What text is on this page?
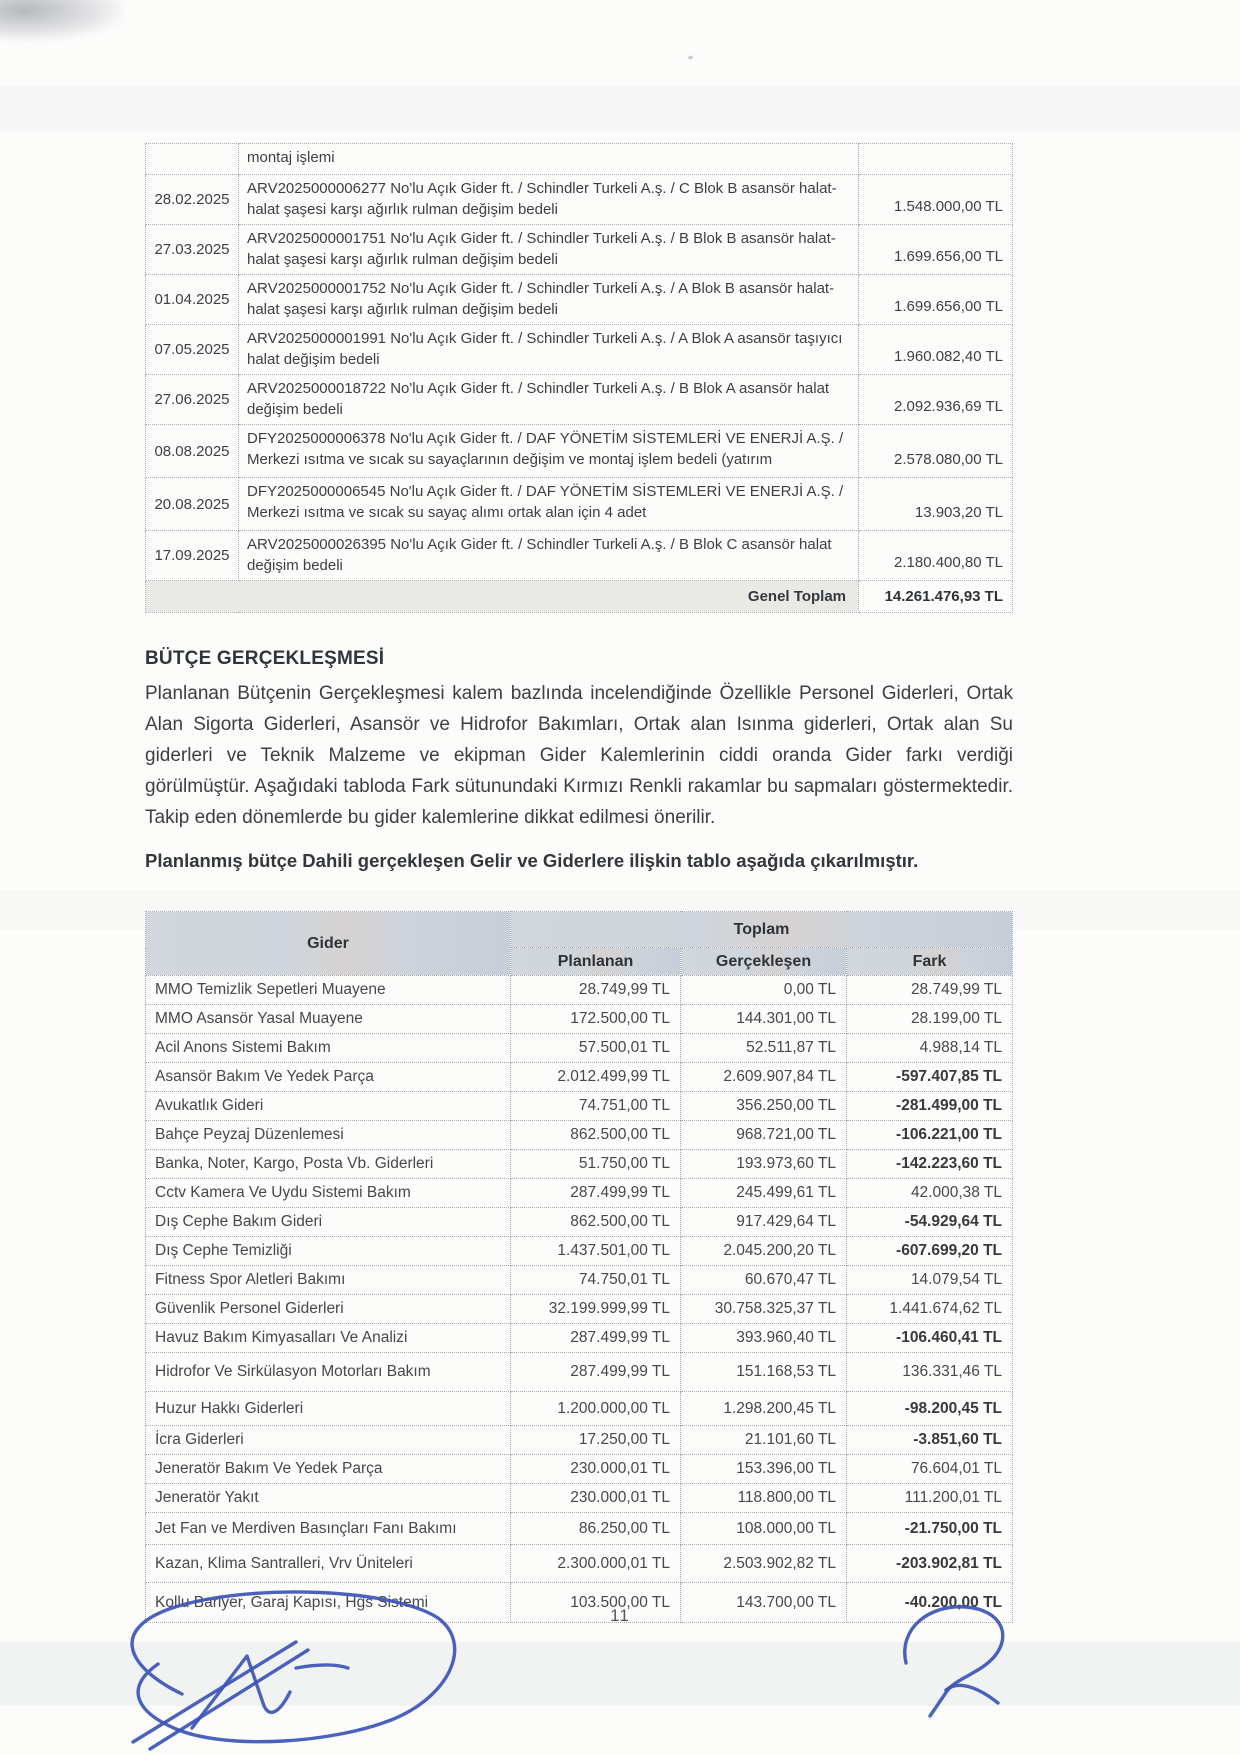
	montaj işlemi	
28.02.2025	ARV2025000006277 No'lu Açık Gider ft. / Schindler Turkeli A.ş. / C Blok B asansör halat- halat şaşesi karşı ağırlık rulman değişim bedeli	1.548.000,00 TL
27.03.2025	ARV2025000001751 No'lu Açık Gider ft. / Schindler Turkeli A.ş. / B Blok B asansör halat- halat şaşesi karşı ağırlık rulman değişim bedeli	1.699.656,00 TL
01.04.2025	ARV2025000001752 No'lu Açık Gider ft. / Schindler Turkeli A.ş. / A Blok B asansör halat- halat şaşesi karşı ağırlık rulman değişim bedeli	1.699.656,00 TL
07.05.2025	ARV2025000001991 No'lu Açık Gider ft. / Schindler Turkeli A.ş. / A Blok A asansör taşıyıcı halat değişim bedeli	1.960.082,40 TL
27.06.2025	ARV2025000018722 No'lu Açık Gider ft. / Schindler Turkeli A.ş. / B Blok A asansör halat değişim bedeli	2.092.936,69 TL
08.08.2025	DFY2025000006378 No'lu Açık Gider ft. / DAF YÖNETİM SİSTEMLERİ VE ENERJİ A.Ş. / Merkezi ısıtma ve sıcak su sayaçlarının değişim ve montaj işlem bedeli (yatırım	2.578.080,00 TL
20.08.2025	DFY2025000006545 No'lu Açık Gider ft. / DAF YÖNETİM SİSTEMLERİ VE ENERJİ A.Ş. / Merkezi ısıtma ve sıcak su sayaç alımı ortak alan için 4 adet	13.903,20 TL
17.09.2025	ARV2025000026395 No'lu Açık Gider ft. / Schindler Turkeli A.ş. / B Blok C asansör halat değişim bedeli	2.180.400,80 TL
Genel Toplam		14.261.476,93 TL
BÜTÇE GERÇEKLEŞMESİ
Planlanan Bütçenin Gerçekleşmesi kalem bazlında incelendiğinde Özellikle Personel Giderleri, Ortak Alan Sigorta Giderleri, Asansör ve Hidrofor Bakımları, Ortak alan Isınma giderleri, Ortak alan Su giderleri ve Teknik Malzeme ve ekipman Gider Kalemlerinin ciddi oranda Gider farkı verdiği görülmüştür. Aşağıdaki tabloda Fark sütunundaki Kırmızı Renkli rakamlar bu sapmaları göstermektedir. Takip eden dönemlerde bu gider kalemlerine dikkat edilmesi önerilir.
Planlanmış bütçe Dahili gerçekleşen Gelir ve Giderlere ilişkin tablo aşağıda çıkarılmıştır.
Gider	Toplam		
	Planlanan	Gerçekleşen	Fark
MMO Temizlik Sepetleri Muayene	28.749,99 TL	0,00 TL	28.749,99 TL
MMO Asansör Yasal Muayene	172.500,00 TL	144.301,00 TL	28.199,00 TL
Acil Anons Sistemi Bakım	57.500,01 TL	52.511,87 TL	4.988,14 TL
Asansör Bakım Ve Yedek Parça	2.012.499,99 TL	2.609.907,84 TL	-597.407,85 TL
Avukatlık Gideri	74.751,00 TL	356.250,00 TL	-281.499,00 TL
Bahçe Peyzaj Düzenlemesi	862.500,00 TL	968.721,00 TL	-106.221,00 TL
Banka, Noter, Kargo, Posta Vb. Giderleri	51.750,00 TL	193.973,60 TL	-142.223,60 TL
Cctv Kamera Ve Uydu Sistemi Bakım	287.499,99 TL	245.499,61 TL	42.000,38 TL
Dış Cephe Bakım Gideri	862.500,00 TL	917.429,64 TL	-54.929,64 TL
Dış Cephe Temizliği	1.437.501,00 TL	2.045.200,20 TL	-607.699,20 TL
Fitness Spor Aletleri Bakımı	74.750,01 TL	60.670,47 TL	14.079,54 TL
Güvenlik Personel Giderleri	32.199.999,99 TL	30.758.325,37 TL	1.441.674,62 TL
Havuz Bakım Kimyasalları Ve Analizi	287.499,99 TL	393.960,40 TL	-106.460,41 TL
Hidrofor Ve Sirkülasyon Motorları Bakım	287.499,99 TL	151.168,53 TL	136.331,46 TL
Huzur Hakkı Giderleri	1.200.000,00 TL	1.298.200,45 TL	-98.200,45 TL
İcra Giderleri	17.250,00 TL	21.101,60 TL	-3.851,60 TL
Jeneratör Bakım Ve Yedek Parça	230.000,01 TL	153.396,00 TL	76.604,01 TL
Jeneratör Yakıt	230.000,01 TL	118.800,00 TL	111.200,01 TL
Jet Fan ve Merdiven Basınçları Fanı Bakımı	86.250,00 TL	108.000,00 TL	-21.750,00 TL
Kazan, Klima Santralleri, Vrv Üniteleri	2.300.000,01 TL	2.503.902,82 TL	-203.902,81 TL
Kollu Bariyer, Garaj Kapısı, Hgs Sistemi	103.500,00 TL	143.700,00 TL	-40.200,00 TL
11
